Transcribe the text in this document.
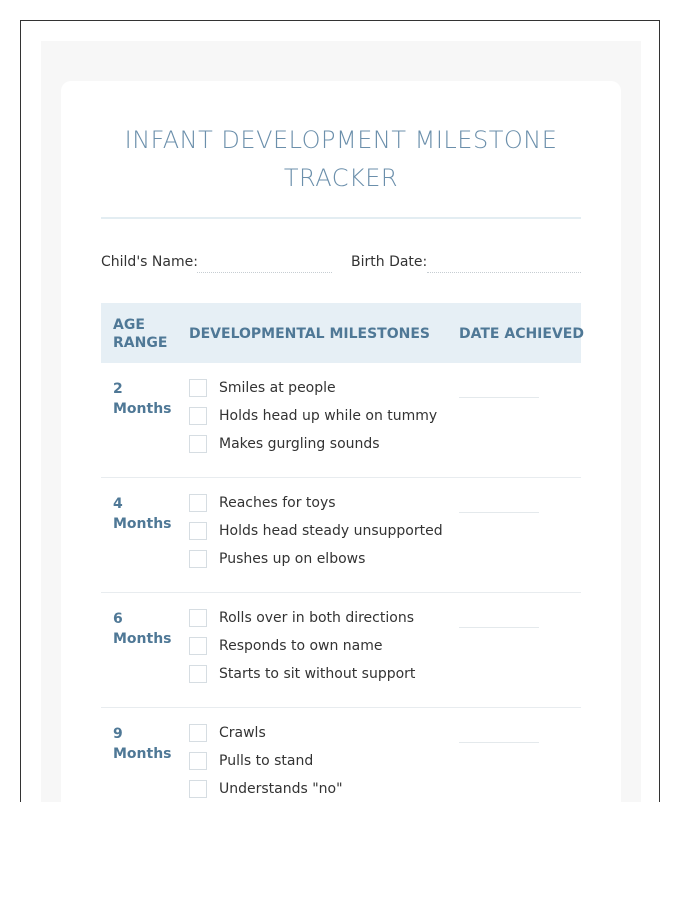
INFANT DEVELOPMENT MILESTONE TRACKER
Child's Name:	Birth Date:
AGE RANGE
DEVELOPMENTAL MILESTONES DATE ACHIEVED
2 Months
Smiles at people
Holds head up while on tummy
Makes gurgling sounds
4 Months
Reaches for toys
Holds head steady unsupported
Pushes up on elbows
6 Months
Rolls over in both directions
Responds to own name
Starts to sit without support
9 Months
Crawls
Pulls to stand
Understands "no"
